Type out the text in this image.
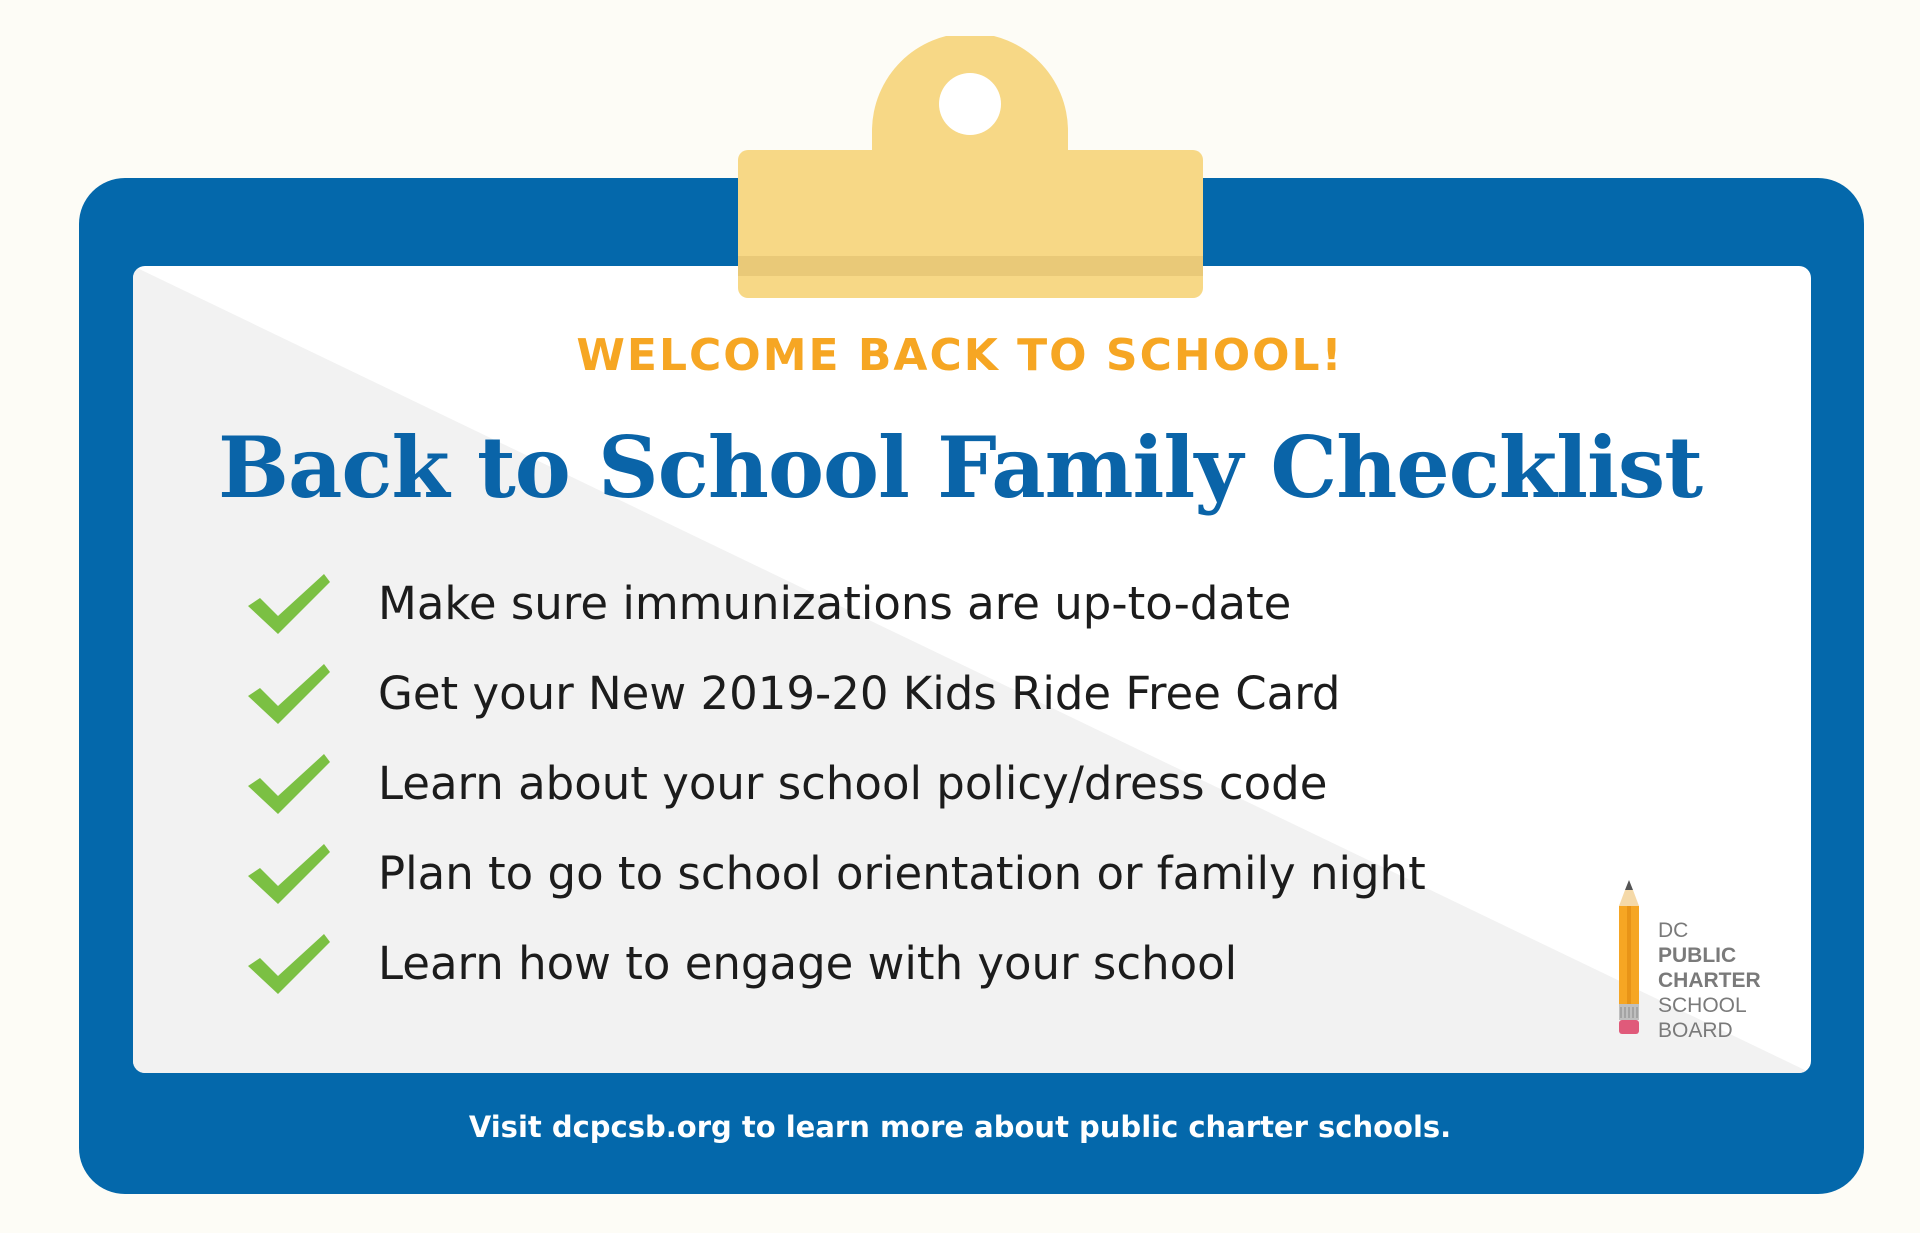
WELCOME BACK TO SCHOOL!
Back to School Family Checklist
Make sure immunizations are up-to-date
Get your New 2019-20 Kids Ride Free Card
Learn about your school policy/dress code
Plan to go to school orientation or family night
Learn how to engage with your school
DC
PUBLIC
CHARTER
SCHOOL
BOARD
Visit dcpcsb.org to learn more about public charter schools.
